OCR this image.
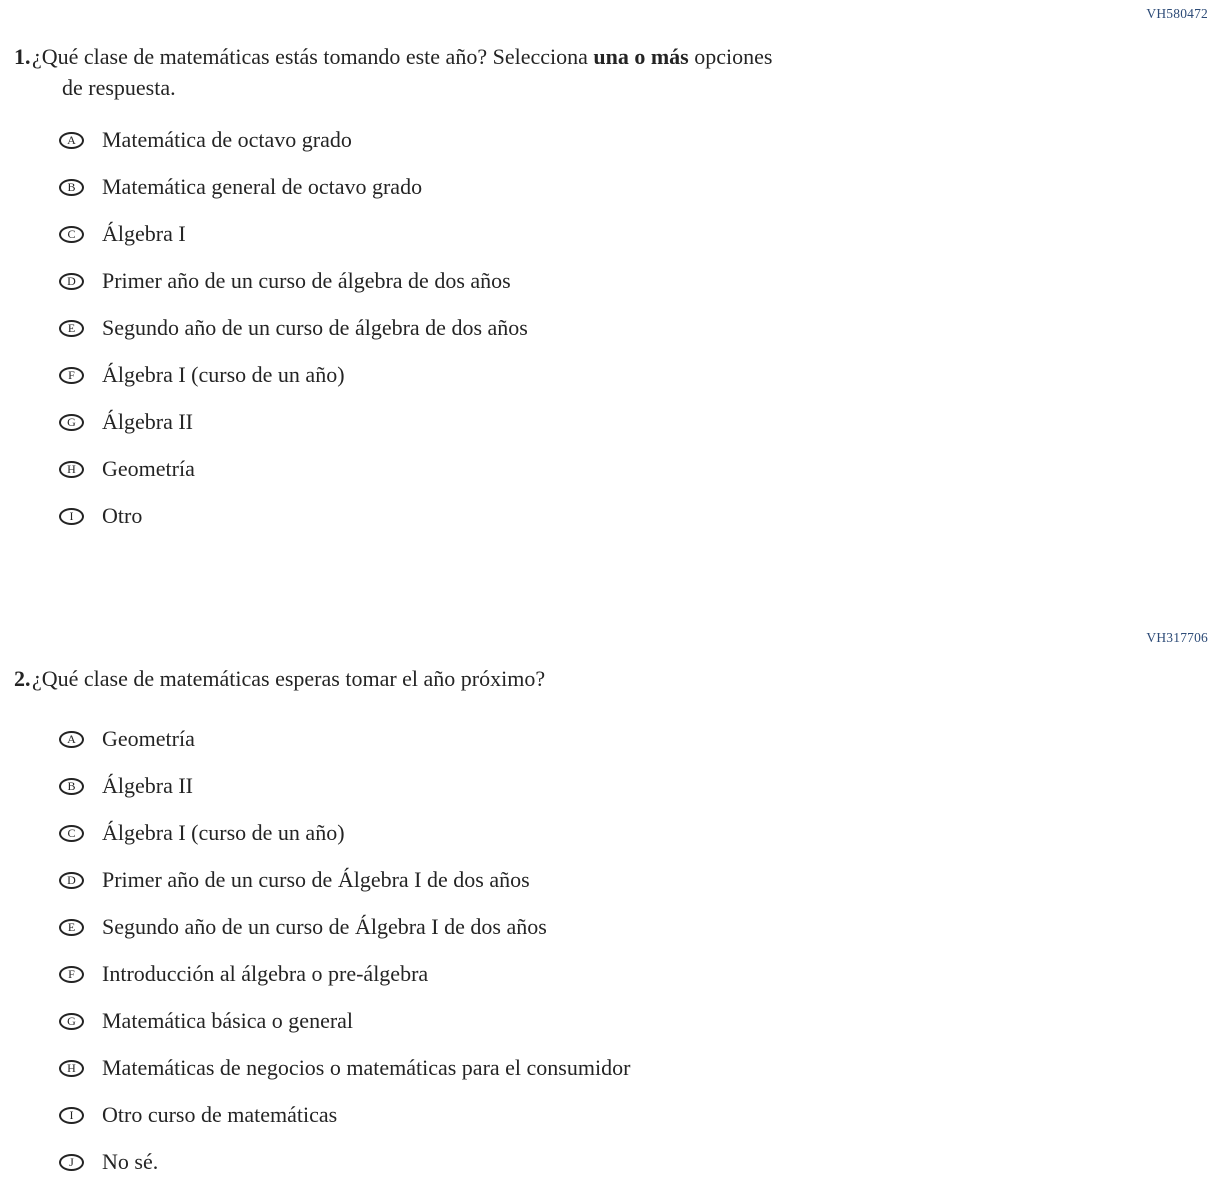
VH580472
1. ¿Qué clase de matemáticas estás tomando este año? Selecciona una o más opciones
de respuesta.
A Matemática de octavo grado
B Matemática general de octavo grado
C Álgebra I
D Primer año de un curso de álgebra de dos años
E Segundo año de un curso de álgebra de dos años
F Álgebra I (curso de un año)
G Álgebra II
H Geometría
I Otro
VH317706
2. ¿Qué clase de matemáticas esperas tomar el año próximo?
A Geometría
B Álgebra II
C Álgebra I (curso de un año)
D Primer año de un curso de Álgebra I de dos años
E Segundo año de un curso de Álgebra I de dos años
F Introducción al álgebra o pre-álgebra
G Matemática básica o general
H Matemáticas de negocios o matemáticas para el consumidor
I Otro curso de matemáticas
J No sé.
